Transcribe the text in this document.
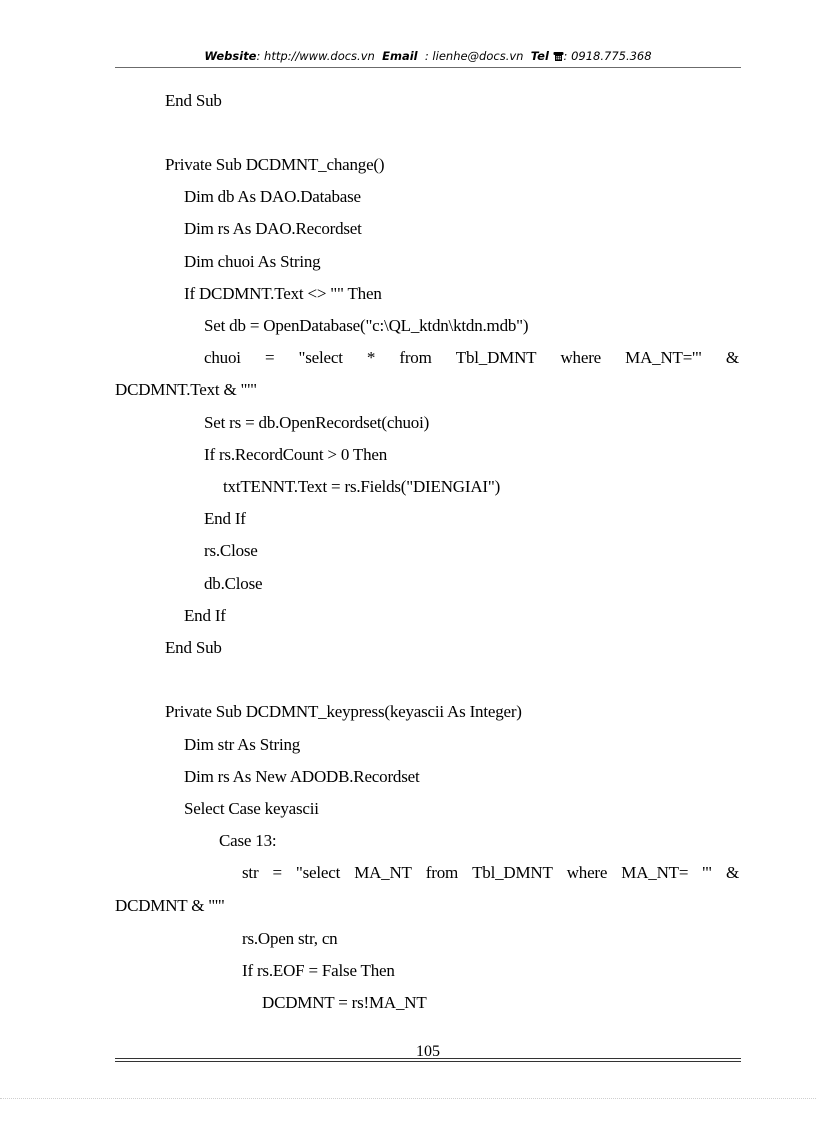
Website: http://www.docs.vn Email : lienhe@docs.vn Tel : 0918.775.368
End Sub
Private Sub DCDMNT_change()
Dim db As DAO.Database
Dim rs As DAO.Recordset
Dim chuoi As String
If DCDMNT.Text <> "" Then
Set db = OpenDatabase("c:\QL_ktdn\ktdn.mdb")
chuoi = "select * from Tbl_DMNT where MA_NT='" &
DCDMNT.Text & "'"
Set rs = db.OpenRecordset(chuoi)
If rs.RecordCount > 0 Then
txtTENNT.Text = rs.Fields("DIENGIAI")
End If
rs.Close
db.Close
End If
End Sub
Private Sub DCDMNT_keypress(keyascii As Integer)
Dim str As String
Dim rs As New ADODB.Recordset
Select Case keyascii
Case 13:
str = "select MA_NT from Tbl_DMNT where MA_NT= '" &
DCDMNT & "'"
rs.Open str, cn
If rs.EOF = False Then
DCDMNT = rs!MA_NT
105
